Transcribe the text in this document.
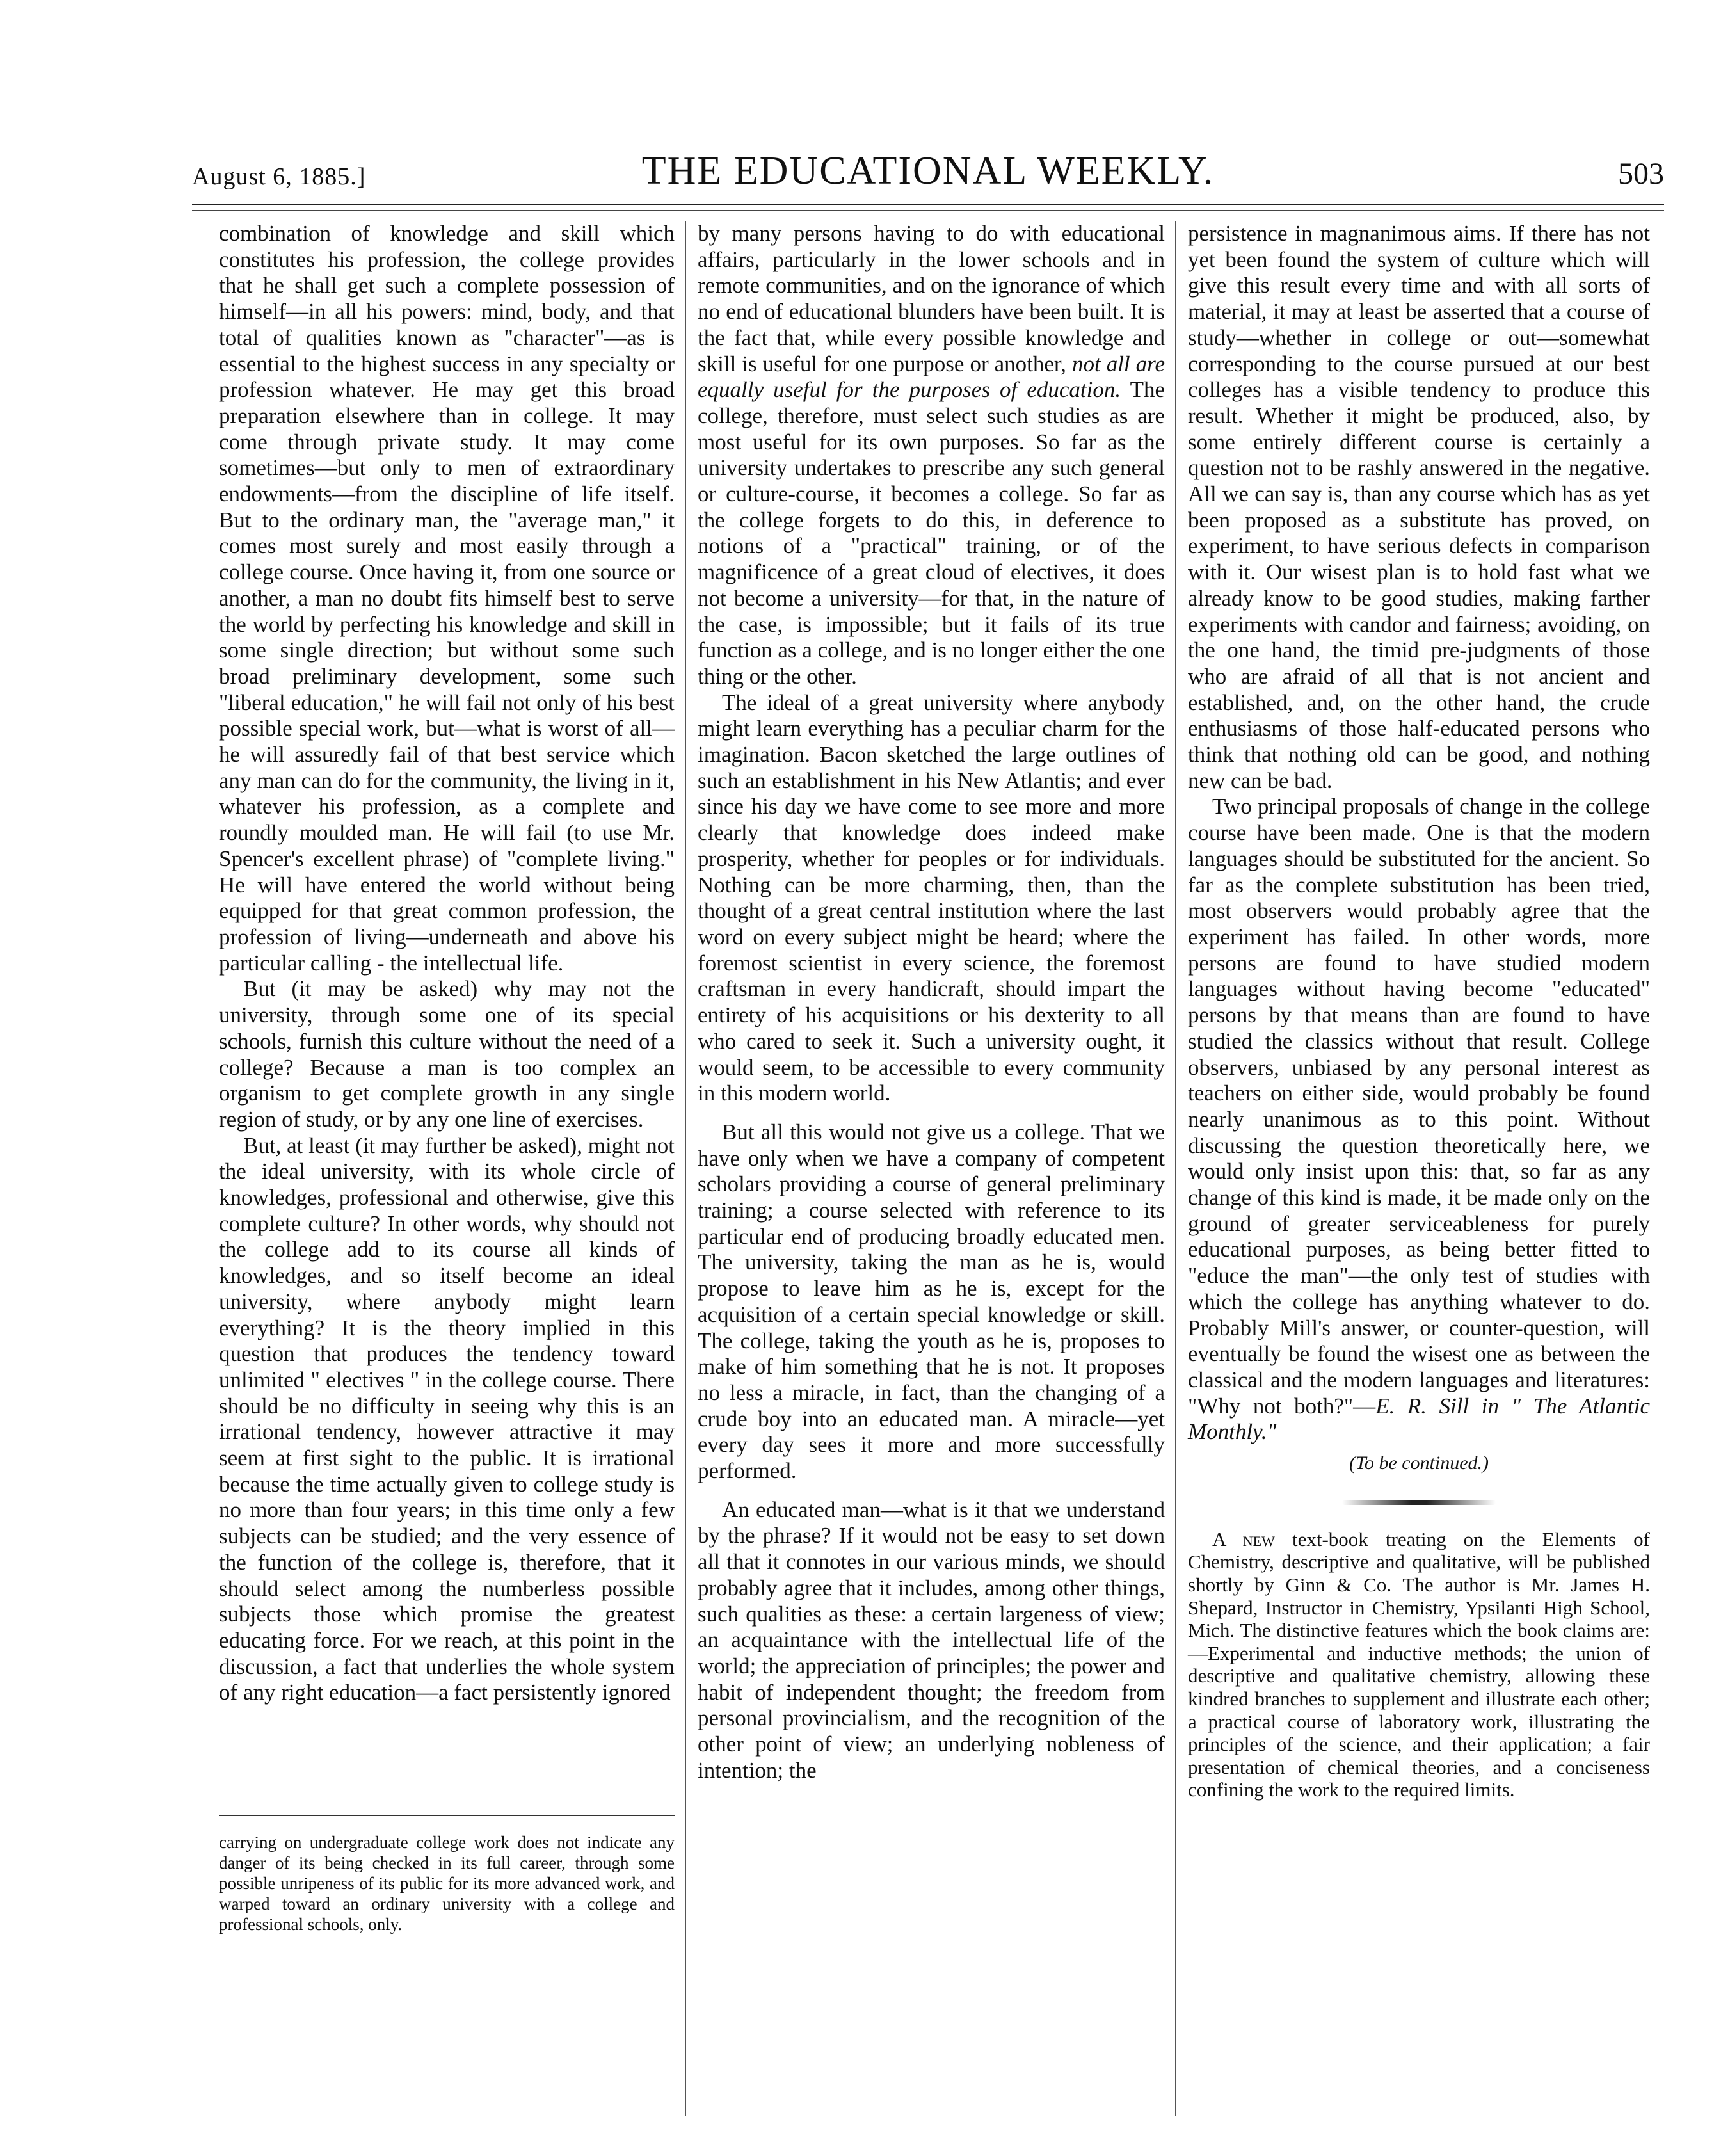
August 6, 1885.]	THE EDUCATIONAL WEEKLY.	503

combination of knowledge and skill which constitutes his profession, the college provides that he shall get such a complete possession of himself—in all his powers: mind, body, and that total of qualities known as "character"—as is essential to the highest success in any specialty or profession whatever. He may get this broad preparation elsewhere than in college. It may come through private study. It may come sometimes—but only to men of extraordinary endowments—from the discipline of life itself. But to the ordinary man, the "average man," it comes most surely and most easily through a college course. Once having it, from one source or another, a man no doubt fits himself best to serve the world by perfecting his knowledge and skill in some single direction; but without some such broad preliminary development, some such "liberal education," he will fail not only of his best possible special work, but—what is worst of all—he will assuredly fail of that best service which any man can do for the community, the living in it, whatever his profession, as a complete and roundly moulded man. He will fail (to use Mr. Spencer's excellent phrase) of "complete living." He will have entered the world without being equipped for that great common profession, the profession of living—underneath and above his particular calling - the intellectual life.

But (it may be asked) why may not the university, through some one of its special schools, furnish this culture without the need of a college? Because a man is too complex an organism to get complete growth in any single region of study, or by any one line of exercises.

But, at least (it may further be asked), might not the ideal university, with its whole circle of knowledges, professional and otherwise, give this complete culture? In other words, why should not the college add to its course all kinds of knowledges, and so itself become an ideal university, where anybody might learn everything? It is the theory implied in this question that produces the tendency toward unlimited " electives " in the college course. There should be no difficulty in seeing why this is an irrational tendency, however attractive it may seem at first sight to the public. It is irrational because the time actually given to college study is no more than four years; in this time only a few subjects can be studied; and the very essence of the function of the college is, therefore, that it should select among the numberless possible subjects those which promise the greatest educating force. For we reach, at this point in the discussion, a fact that underlies the whole system of any right education—a fact persistently ignored

carrying on undergraduate college work does not indicate any danger of its being checked in its full career, through some possible unripeness of its public for its more advanced work, and warped toward an ordinary university with a college and professional schools, only.

by many persons having to do with educational affairs, particularly in the lower schools and in remote communities, and on the ignorance of which no end of educational blunders have been built. It is the fact that, while every possible knowledge and skill is useful for one purpose or another, not all are equally useful for the purposes of education. The college, therefore, must select such studies as are most useful for its own purposes. So far as the university undertakes to prescribe any such general or culture-course, it becomes a college. So far as the college forgets to do this, in deference to notions of a "practical" training, or of the magnificence of a great cloud of electives, it does not become a university—for that, in the nature of the case, is impossible; but it fails of its true function as a college, and is no longer either the one thing or the other.

The ideal of a great university where anybody might learn everything has a peculiar charm for the imagination. Bacon sketched the large outlines of such an establishment in his New Atlantis; and ever since his day we have come to see more and more clearly that knowledge does indeed make prosperity, whether for peoples or for individuals. Nothing can be more charming, then, than the thought of a great central institution where the last word on every subject might be heard; where the foremost scientist in every science, the foremost craftsman in every handicraft, should impart the entirety of his acquisitions or his dexterity to all who cared to seek it. Such a university ought, it would seem, to be accessible to every community in this modern world.

But all this would not give us a college. That we have only when we have a company of competent scholars providing a course of general preliminary training; a course selected with reference to its particular end of producing broadly educated men. The university, taking the man as he is, would propose to leave him as he is, except for the acquisition of a certain special knowledge or skill. The college, taking the youth as he is, proposes to make of him something that he is not. It proposes no less a miracle, in fact, than the changing of a crude boy into an educated man. A miracle—yet every day sees it more and more successfully performed.

An educated man—what is it that we understand by the phrase? If it would not be easy to set down all that it connotes in our various minds, we should probably agree that it includes, among other things, such qualities as these: a certain largeness of view; an acquaintance with the intellectual life of the world; the appreciation of principles; the power and habit of independent thought; the freedom from personal provincialism, and the recognition of the other point of view; an underlying nobleness of intention; the

persistence in magnanimous aims. If there has not yet been found the system of culture which will give this result every time and with all sorts of material, it may at least be asserted that a course of study—whether in college or out—somewhat corresponding to the course pursued at our best colleges has a visible tendency to produce this result. Whether it might be produced, also, by some entirely different course is certainly a question not to be rashly answered in the negative. All we can say is, than any course which has as yet been proposed as a substitute has proved, on experiment, to have serious defects in comparison with it. Our wisest plan is to hold fast what we already know to be good studies, making farther experiments with candor and fairness; avoiding, on the one hand, the timid pre-judgments of those who are afraid of all that is not ancient and established, and, on the other hand, the crude enthusiasms of those half-educated persons who think that nothing old can be good, and nothing new can be bad.

Two principal proposals of change in the college course have been made. One is that the modern languages should be substituted for the ancient. So far as the complete substitution has been tried, most observers would probably agree that the experiment has failed. In other words, more persons are found to have studied modern languages without having become "educated" persons by that means than are found to have studied the classics without that result. College observers, unbiased by any personal interest as teachers on either side, would probably be found nearly unanimous as to this point. Without discussing the question theoretically here, we would only insist upon this: that, so far as any change of this kind is made, it be made only on the ground of greater serviceableness for purely educational purposes, as being better fitted to "educe the man"—the only test of studies with which the college has anything whatever to do. Probably Mill's answer, or counter-question, will eventually be found the wisest one as between the classical and the modern languages and literatures: "Why not both?"—E. R. Sill in " The Atlantic Monthly."

(To be continued.)

A new text-book treating on the Elements of Chemistry, descriptive and qualitative, will be published shortly by Ginn & Co. The author is Mr. James H. Shepard, Instructor in Chemistry, Ypsilanti High School, Mich. The distinctive features which the book claims are:—Experimental and inductive methods; the union of descriptive and qualitative chemistry, allowing these kindred branches to supplement and illustrate each other; a practical course of laboratory work, illustrating the principles of the science, and their application; a fair presentation of chemical theories, and a conciseness confining the work to the required limits.
